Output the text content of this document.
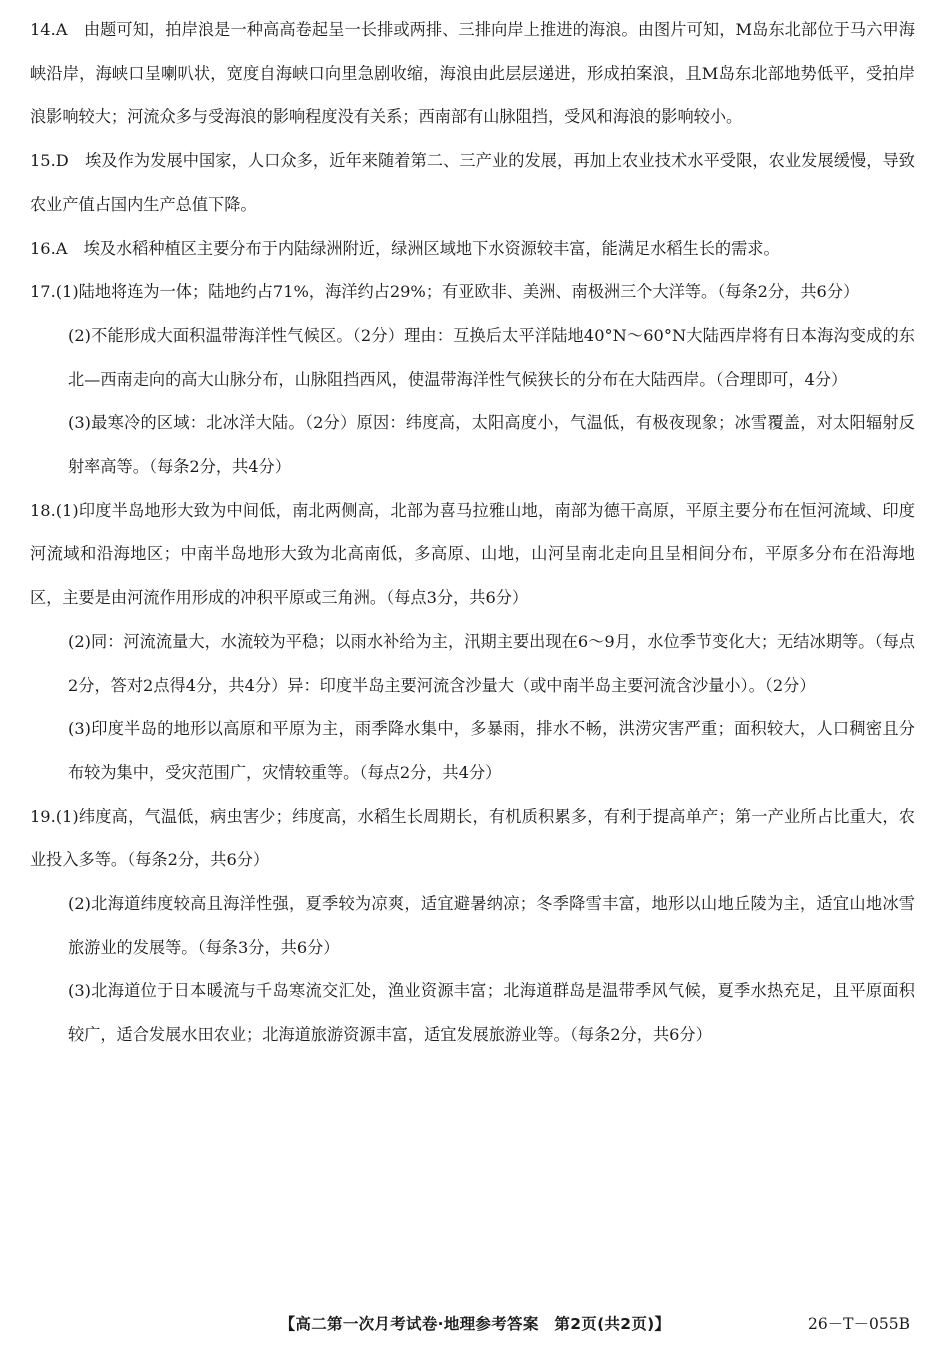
14.A　由题可知，拍岸浪是一种高高卷起呈一长排或两排、三排向岸上推进的海浪。由图片可知，M岛东北部位于马六甲海峡沿岸，海峡口呈喇叭状，宽度自海峡口向里急剧收缩，海浪由此层层递进，形成拍案浪，且M岛东北部地势低平，受拍岸浪影响较大；河流众多与受海浪的影响程度没有关系；西南部有山脉阻挡，受风和海浪的影响较小。

15.D　埃及作为发展中国家，人口众多，近年来随着第二、三产业的发展，再加上农业技术水平受限，农业发展缓慢，导致农业产值占国内生产总值下降。

16.A　埃及水稻种植区主要分布于内陆绿洲附近，绿洲区域地下水资源较丰富，能满足水稻生长的需求。

17.(1)陆地将连为一体；陆地约占71%，海洋约占29%；有亚欧非、美洲、南极洲三个大洋等。（每条2分，共6分）

(2)不能形成大面积温带海洋性气候区。（2分）理由：互换后太平洋陆地40°N～60°N大陆西岸将有日本海沟变成的东北—西南走向的高大山脉分布，山脉阻挡西风，使温带海洋性气候狭长的分布在大陆西岸。（合理即可，4分）

(3)最寒冷的区域：北冰洋大陆。（2分）原因：纬度高，太阳高度小，气温低，有极夜现象；冰雪覆盖，对太阳辐射反射率高等。（每条2分，共4分）

18.(1)印度半岛地形大致为中间低，南北两侧高，北部为喜马拉雅山地，南部为德干高原，平原主要分布在恒河流域、印度河流域和沿海地区；中南半岛地形大致为北高南低，多高原、山地，山河呈南北走向且呈相间分布，平原多分布在沿海地区，主要是由河流作用形成的冲积平原或三角洲。（每点3分，共6分）

(2)同：河流流量大，水流较为平稳；以雨水补给为主，汛期主要出现在6～9月，水位季节变化大；无结冰期等。（每点2分，答对2点得4分，共4分）异：印度半岛主要河流含沙量大（或中南半岛主要河流含沙量小）。（2分）

(3)印度半岛的地形以高原和平原为主，雨季降水集中，多暴雨，排水不畅，洪涝灾害严重；面积较大，人口稠密且分布较为集中，受灾范围广，灾情较重等。（每点2分，共4分）

19.(1)纬度高，气温低，病虫害少；纬度高，水稻生长周期长，有机质积累多，有利于提高单产；第一产业所占比重大，农业投入多等。（每条2分，共6分）

(2)北海道纬度较高且海洋性强，夏季较为凉爽，适宜避暑纳凉；冬季降雪丰富，地形以山地丘陵为主，适宜山地冰雪旅游业的发展等。（每条3分，共6分）

(3)北海道位于日本暖流与千岛寒流交汇处，渔业资源丰富；北海道群岛是温带季风气候，夏季水热充足，且平原面积较广，适合发展水田农业；北海道旅游资源丰富，适宜发展旅游业等。（每条2分，共6分）

【高二第一次月考试卷·地理参考答案　第2页(共2页)】	26－T－055B
